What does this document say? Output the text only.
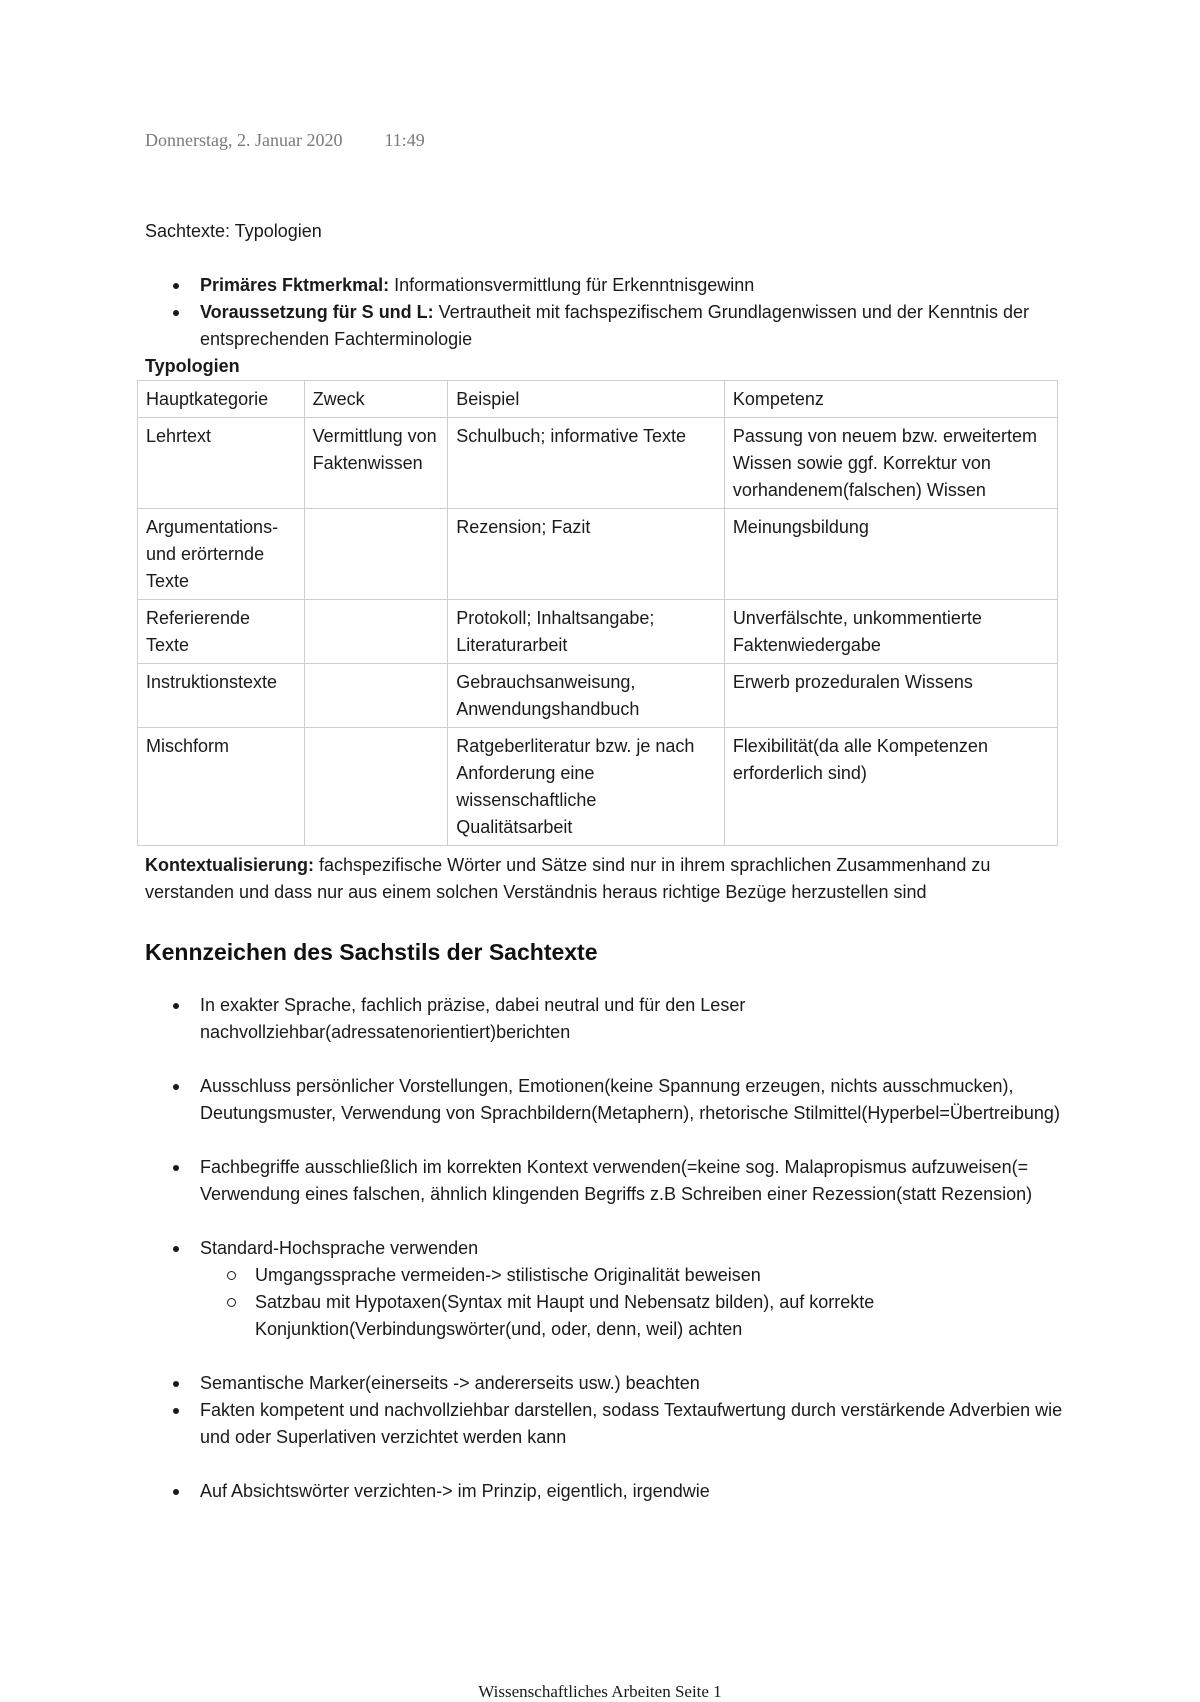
Donnerstag, 2. Januar 2020 11:49

Sachtexte: Typologien

Primäres Fktmerkmal: Informationsvermittlung für Erkenntnisgewinn
Voraussetzung für S und L: Vertrautheit mit fachspezifischem Grundlagenwissen und der Kenntnis der entsprechenden Fachterminologie

Typologien

Hauptkategorie	Zweck	Beispiel	Kompetenz
Lehrtext	Vermittlung von Faktenwissen	Schulbuch; informative Texte	Passung von neuem bzw. erweitertem Wissen sowie ggf. Korrektur von vorhandenem(falschen) Wissen
Argumentations- und erörternde Texte		Rezension; Fazit	Meinungsbildung
Referierende Texte		Protokoll; Inhaltsangabe; Literaturarbeit	Unverfälschte, unkommentierte Faktenwiedergabe
Instruktionstexte		Gebrauchsanweisung, Anwendungshandbuch	Erwerb prozeduralen Wissens
Mischform		Ratgeberliteratur bzw. je nach Anforderung eine wissenschaftliche Qualitätsarbeit	Flexibilität(da alle Kompetenzen erforderlich sind)

Kontextualisierung: fachspezifische Wörter und Sätze sind nur in ihrem sprachlichen Zusammenhand zu verstanden und dass nur aus einem solchen Verständnis heraus richtige Bezüge herzustellen sind

Kennzeichen des Sachstils der Sachtexte
In exakter Sprache, fachlich präzise, dabei neutral und für den Leser nachvollziehbar(adressatenorientiert)berichten
Ausschluss persönlicher Vorstellungen, Emotionen(keine Spannung erzeugen, nichts ausschmucken), Deutungsmuster, Verwendung von Sprachbildern(Metaphern), rhetorische Stilmittel(Hyperbel=Übertreibung)
Fachbegriffe ausschließlich im korrekten Kontext verwenden(=keine sog. Malapropismus aufzuweisen(= Verwendung eines falschen, ähnlich klingenden Begriffs z.B Schreiben einer Rezession(statt Rezension)
Standard-Hochsprache verwenden
Umgangssprache vermeiden-> stilistische Originalität beweisen
Satzbau mit Hypotaxen(Syntax mit Haupt und Nebensatz bilden), auf korrekte Konjunktion(Verbindungswörter(und, oder, denn, weil) achten
Semantische Marker(einerseits -> andererseits usw.) beachten
Fakten kompetent und nachvollziehbar darstellen, sodass Textaufwertung durch verstärkende Adverbien wie und oder Superlativen verzichtet werden kann
Auf Absichtswörter verzichten-> im Prinzip, eigentlich, irgendwie
Wissenschaftliches Arbeiten Seite 1
